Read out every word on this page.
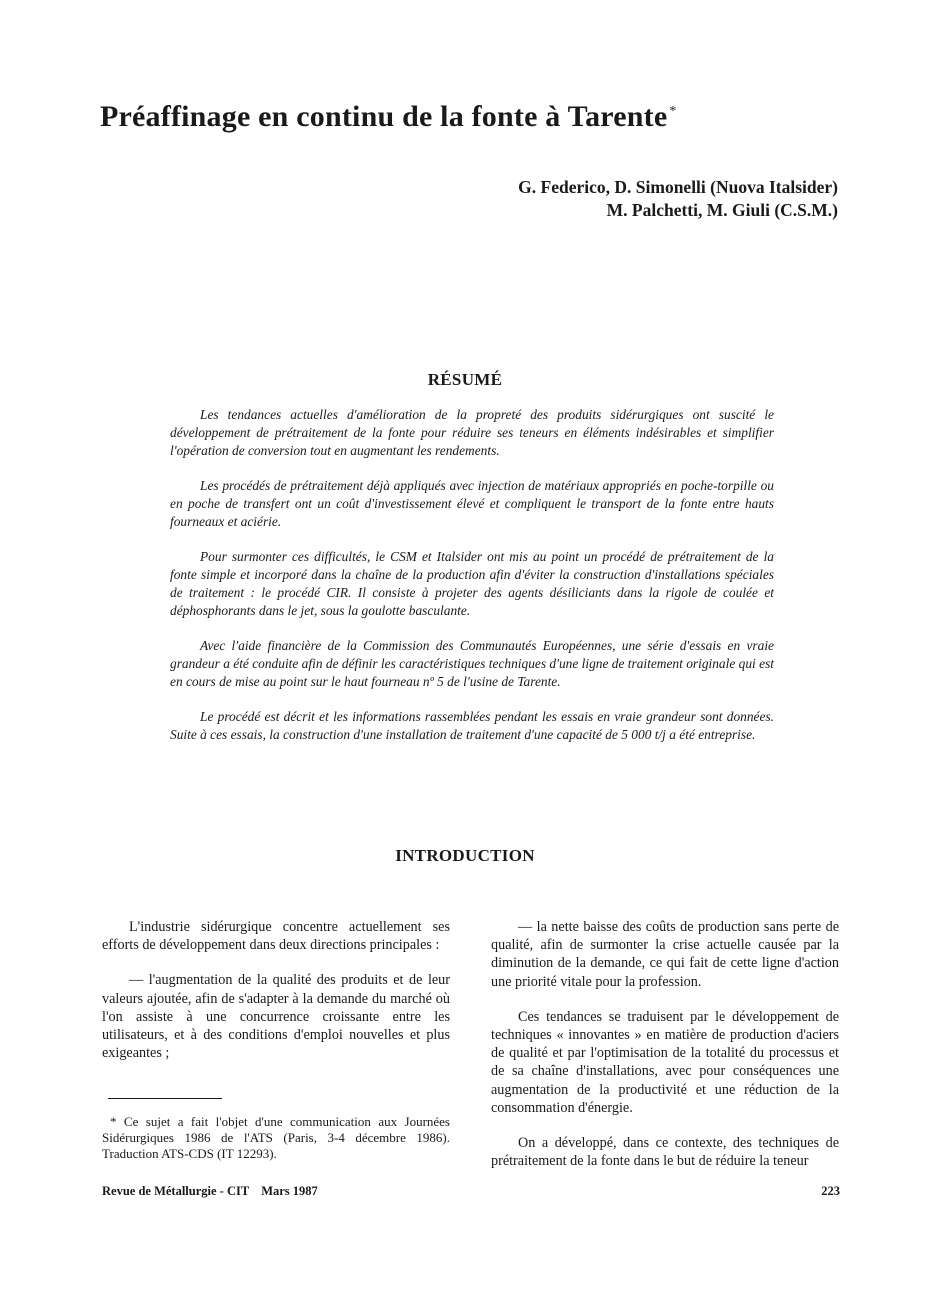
Préaffinage en continu de la fonte à Tarente *
G. Federico, D. Simonelli (Nuova Italsider)
M. Palchetti, M. Giuli (C.S.M.)
RÉSUMÉ

Les tendances actuelles d'amélioration de la propreté des produits sidérurgiques ont suscité le développement de prétraitement de la fonte pour réduire ses teneurs en éléments indésirables et simplifier l'opération de conversion tout en augmentant les rendements.

Les procédés de prétraitement déjà appliqués avec injection de matériaux appropriés en poche-torpille ou en poche de transfert ont un coût d'investissement élevé et compliquent le transport de la fonte entre hauts fourneaux et aciérie.

Pour surmonter ces difficultés, le CSM et Italsider ont mis au point un procédé de prétraitement de la fonte simple et incorporé dans la chaîne de la production afin d'éviter la construction d'installations spéciales de traitement : le procédé CIR. Il consiste à projeter des agents désiliciants dans la rigole de coulée et déphosphorants dans le jet, sous la goulotte basculante.

Avec l'aide financière de la Commission des Communautés Européennes, une série d'essais en vraie grandeur a été conduite afin de définir les caractéristiques techniques d'une ligne de traitement originale qui est en cours de mise au point sur le haut fourneau nº 5 de l'usine de Tarente.

Le procédé est décrit et les informations rassemblées pendant les essais en vraie grandeur sont données. Suite à ces essais, la construction d'une installation de traitement d'une capacité de 5 000 t/j a été entreprise.

INTRODUCTION

L'industrie sidérurgique concentre actuellement ses efforts de développement dans deux directions principales :

— l'augmentation de la qualité des produits et de leur valeurs ajoutée, afin de s'adapter à la demande du marché où l'on assiste à une concurrence croissante entre les utilisateurs, et à des conditions d'emploi nouvelles et plus exigeantes ;

— la nette baisse des coûts de production sans perte de qualité, afin de surmonter la crise actuelle causée par la diminution de la demande, ce qui fait de cette ligne d'action une priorité vitale pour la profession.

Ces tendances se traduisent par le développement de techniques « innovantes » en matière de production d'aciers de qualité et par l'optimisation de la totalité du processus et de sa chaîne d'installations, avec pour conséquences une augmentation de la productivité et une réduction de la consommation d'énergie.

On a développé, dans ce contexte, des techniques de prétraitement de la fonte dans le but de réduire la teneur

* Ce sujet a fait l'objet d'une communication aux Journées Sidérurgiques 1986 de l'ATS (Paris, 3-4 décembre 1986). Traduction ATS-CDS (IT 12293).
Revue de Métallurgie - CIT Mars 1987	223
